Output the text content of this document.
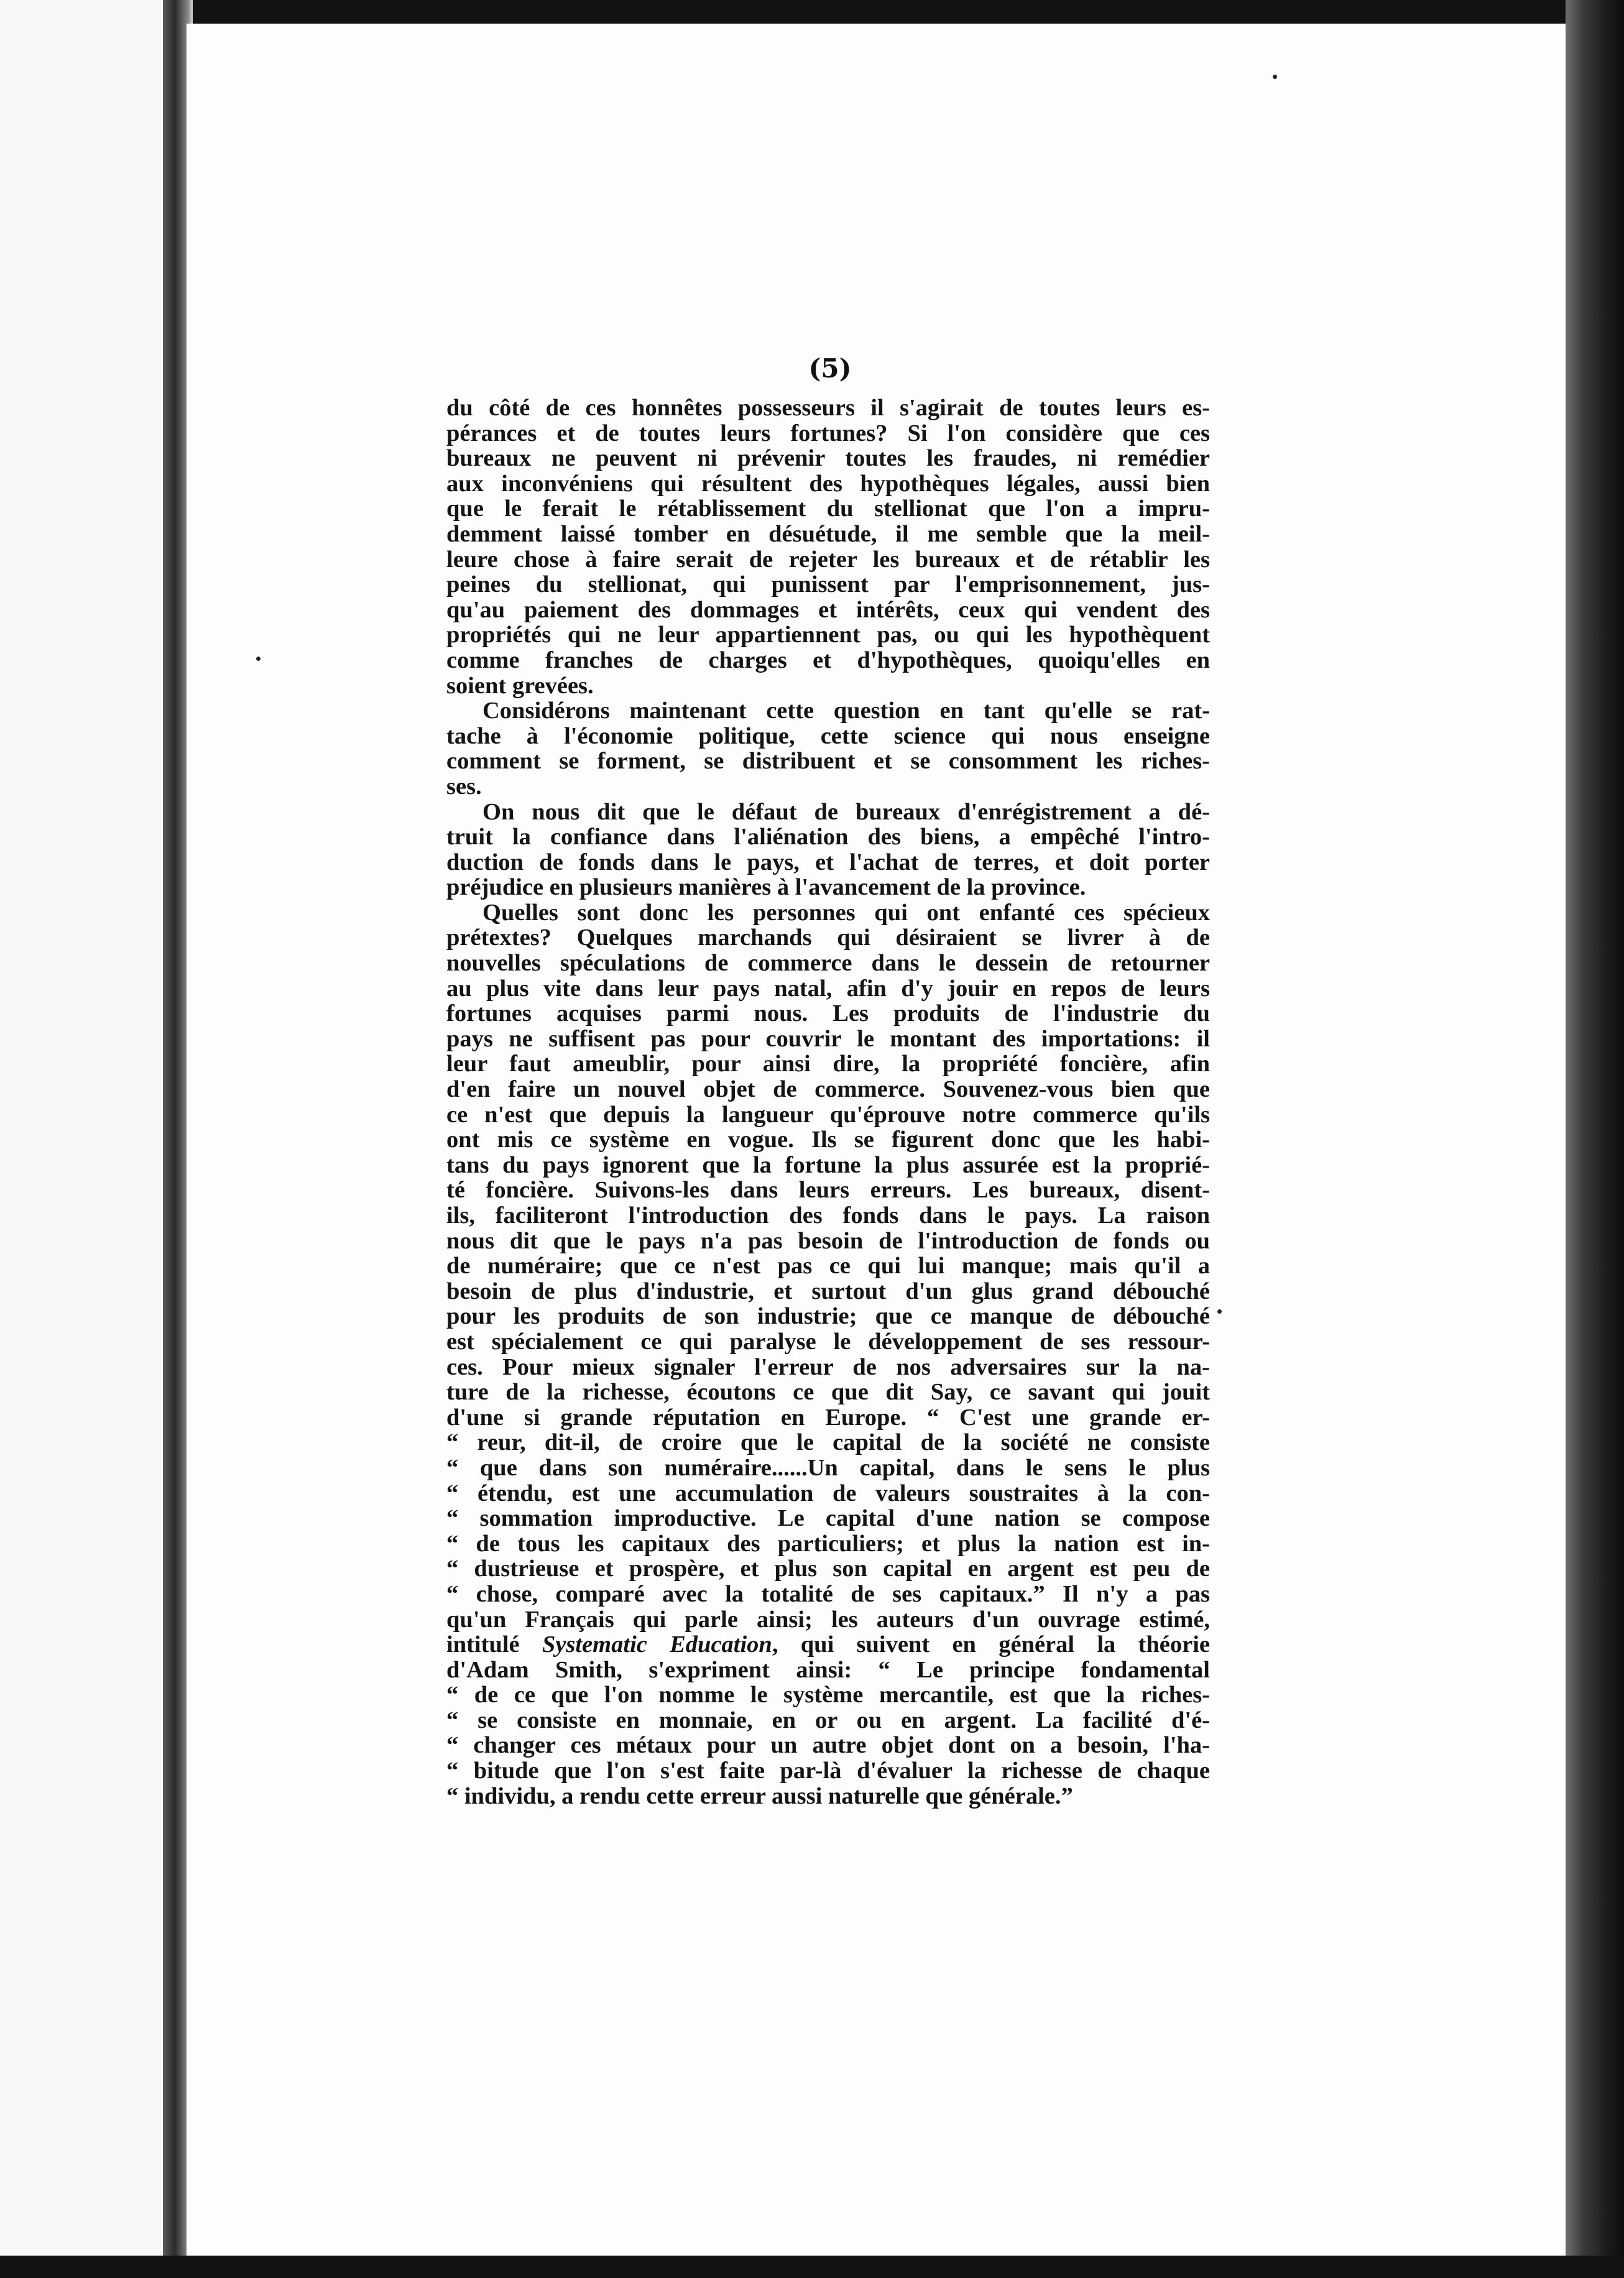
(5)
du côté de ces honnêtes possesseurs il s'agirait de toutes leurs es-
pérances et de toutes leurs fortunes? Si l'on considère que ces
bureaux ne peuvent ni prévenir toutes les fraudes, ni remédier
aux inconvéniens qui résultent des hypothèques légales, aussi bien
que le ferait le rétablissement du stellionat que l'on a impru-
demment laissé tomber en désuétude, il me semble que la meil-
leure chose à faire serait de rejeter les bureaux et de rétablir les
peines du stellionat, qui punissent par l'emprisonnement, jus-
qu'au paiement des dommages et intérêts, ceux qui vendent des
propriétés qui ne leur appartiennent pas, ou qui les hypothèquent
comme franches de charges et d'hypothèques, quoiqu'elles en
soient grevées.
Considérons maintenant cette question en tant qu'elle se rat-
tache à l'économie politique, cette science qui nous enseigne
comment se forment, se distribuent et se consomment les riches-
ses.
On nous dit que le défaut de bureaux d'enrégistrement a dé-
truit la confiance dans l'aliénation des biens, a empêché l'intro-
duction de fonds dans le pays, et l'achat de terres, et doit porter
préjudice en plusieurs manières à l'avancement de la province.
Quelles sont donc les personnes qui ont enfanté ces spécieux
prétextes? Quelques marchands qui désiraient se livrer à de
nouvelles spéculations de commerce dans le dessein de retourner
au plus vite dans leur pays natal, afin d'y jouir en repos de leurs
fortunes acquises parmi nous. Les produits de l'industrie du
pays ne suffisent pas pour couvrir le montant des importations: il
leur faut ameublir, pour ainsi dire, la propriété foncière, afin
d'en faire un nouvel objet de commerce. Souvenez-vous bien que
ce n'est que depuis la langueur qu'éprouve notre commerce qu'ils
ont mis ce système en vogue. Ils se figurent donc que les habi-
tans du pays ignorent que la fortune la plus assurée est la proprié-
té foncière. Suivons-les dans leurs erreurs. Les bureaux, disent-
ils, faciliteront l'introduction des fonds dans le pays. La raison
nous dit que le pays n'a pas besoin de l'introduction de fonds ou
de numéraire; que ce n'est pas ce qui lui manque; mais qu'il a
besoin de plus d'industrie, et surtout d'un glus grand débouché
pour les produits de son industrie; que ce manque de débouché
est spécialement ce qui paralyse le développement de ses ressour-
ces. Pour mieux signaler l'erreur de nos adversaires sur la na-
ture de la richesse, écoutons ce que dit Say, ce savant qui jouit
d'une si grande réputation en Europe. “ C'est une grande er-
“ reur, dit-il, de croire que le capital de la société ne consiste
“ que dans son numéraire......Un capital, dans le sens le plus
“ étendu, est une accumulation de valeurs soustraites à la con-
“ sommation improductive. Le capital d'une nation se compose
“ de tous les capitaux des particuliers; et plus la nation est in-
“ dustrieuse et prospère, et plus son capital en argent est peu de
“ chose, comparé avec la totalité de ses capitaux.” Il n'y a pas
qu'un Français qui parle ainsi; les auteurs d'un ouvrage estimé,
intitulé Systematic Education, qui suivent en général la théorie
d'Adam Smith, s'expriment ainsi: “ Le principe fondamental
“ de ce que l'on nomme le système mercantile, est que la riches-
“ se consiste en monnaie, en or ou en argent. La facilité d'é-
“ changer ces métaux pour un autre objet dont on a besoin, l'ha-
“ bitude que l'on s'est faite par-là d'évaluer la richesse de chaque
“ individu, a rendu cette erreur aussi naturelle que générale.”
